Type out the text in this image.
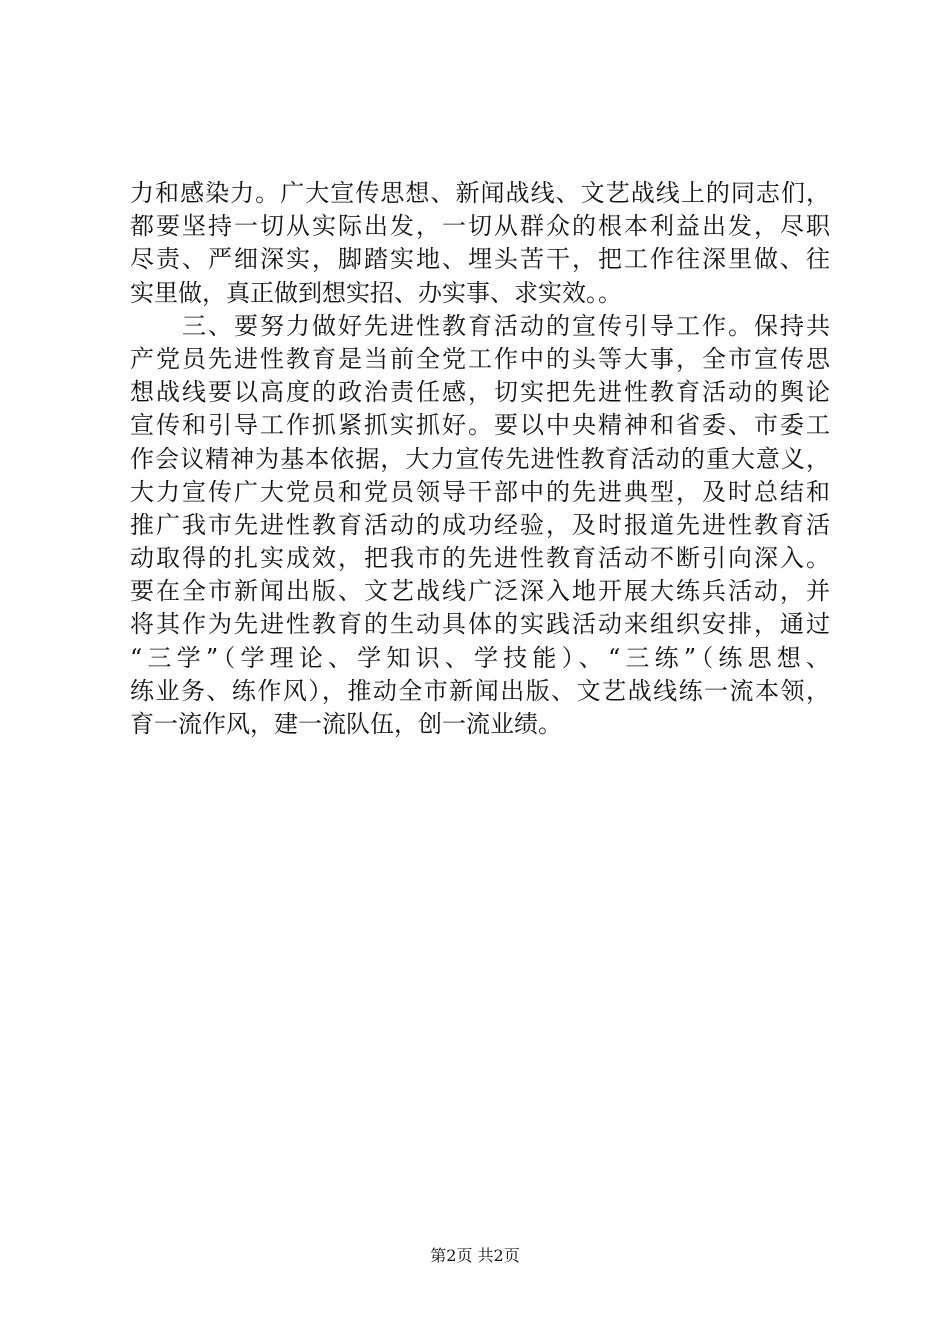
力和感染力。广大宣传思想、新闻战线、文艺战线上的同志们，
都要坚持一切从实际出发，一切从群众的根本利益出发，尽职
尽责、严细深实，脚踏实地、埋头苦干，把工作往深里做、往
实里做，真正做到想实招、办实事、求实效。。
　　三、要努力做好先进性教育活动的宣传引导工作。保持共
产党员先进性教育是当前全党工作中的头等大事，全市宣传思
想战线要以高度的政治责任感，切实把先进性教育活动的舆论
宣传和引导工作抓紧抓实抓好。要以中央精神和省委、市委工
作会议精神为基本依据，大力宣传先进性教育活动的重大意义，
大力宣传广大党员和党员领导干部中的先进典型，及时总结和
推广我市先进性教育活动的成功经验，及时报道先进性教育活
动取得的扎实成效，把我市的先进性教育活动不断引向深入。
要在全市新闻出版、文艺战线广泛深入地开展大练兵活动，并
将其作为先进性教育的生动具体的实践活动来组织安排，通过
“三学”（学理论、学知识、学技能）、“三练”（练思想、
练业务、练作风），推动全市新闻出版、文艺战线练一流本领，
育一流作风，建一流队伍，创一流业绩。
第2页 共2页
